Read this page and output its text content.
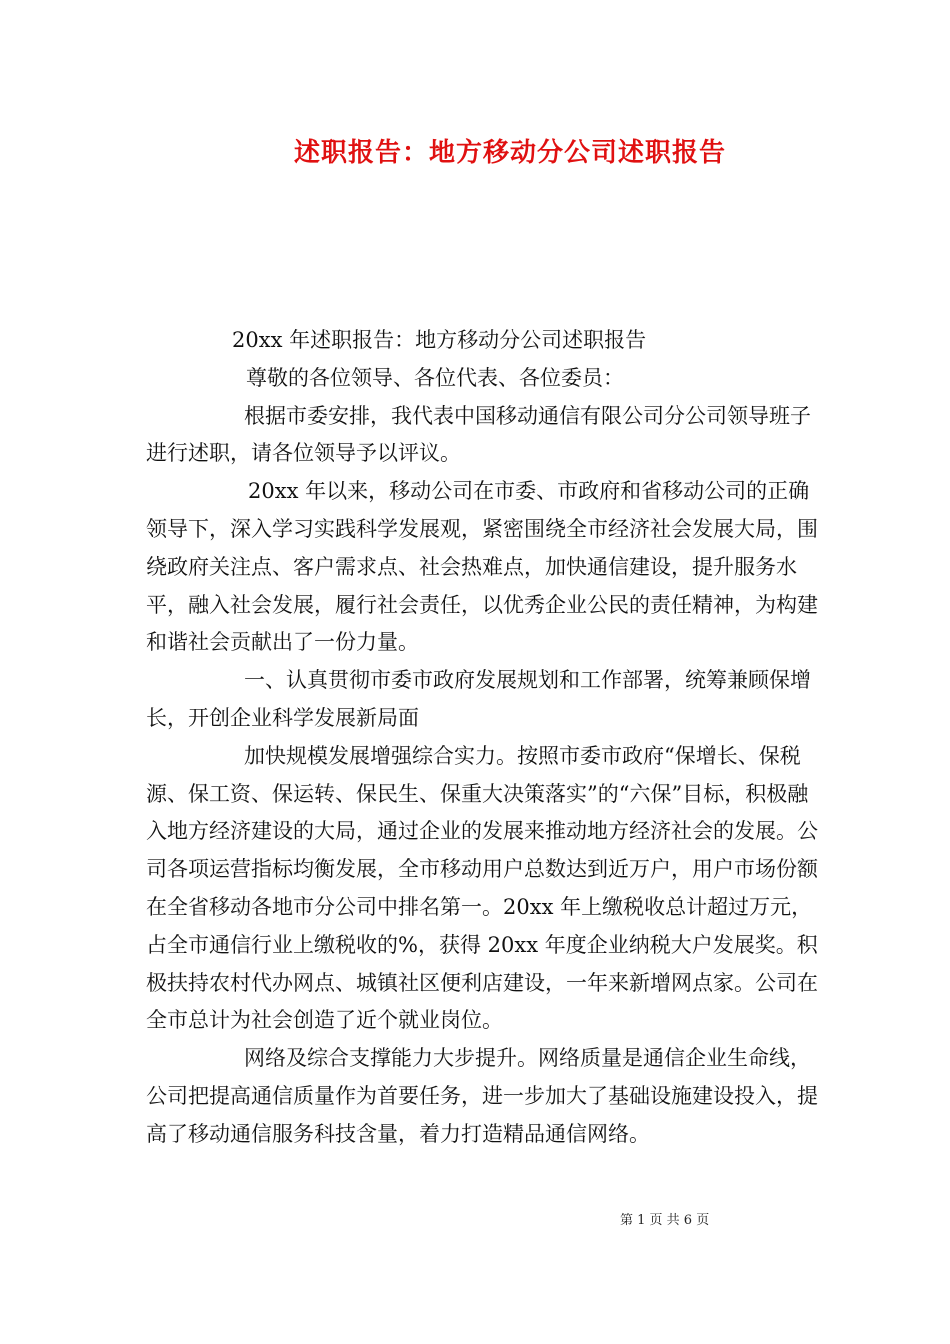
述职报告：地方移动分公司述职报告

20xx 年述职报告：地方移动分公司述职报告

尊敬的各位领导、各位代表、各位委员：

根据市委安排，我代表中国移动通信有限公司分公司领导班子进行述职，请各位领导予以评议。

20xx 年以来，移动公司在市委、市政府和省移动公司的正确领导下，深入学习实践科学发展观，紧密围绕全市经济社会发展大局，围绕政府关注点、客户需求点、社会热难点，加快通信建设，提升服务水平，融入社会发展，履行社会责任，以优秀企业公民的责任精神，为构建和谐社会贡献出了一份力量。

一、认真贯彻市委市政府发展规划和工作部署，统筹兼顾保增长，开创企业科学发展新局面

加快规模发展增强综合实力。按照市委市政府“保增长、保税源、保工资、保运转、保民生、保重大决策落实”的“六保”目标，积极融入地方经济建设的大局，通过企业的发展来推动地方经济社会的发展。公司各项运营指标均衡发展，全市移动用户总数达到近万户，用户市场份额在全省移动各地市分公司中排名第一。20xx 年上缴税收总计超过万元，占全市通信行业上缴税收的%，获得 20xx 年度企业纳税大户发展奖。积极扶持农村代办网点、城镇社区便利店建设，一年来新增网点家。公司在全市总计为社会创造了近个就业岗位。

网络及综合支撑能力大步提升。网络质量是通信企业生命线，公司把提高通信质量作为首要任务，进一步加大了基础设施建设投入，提高了移动通信服务科技含量，着力打造精品通信网络。

第 1 页 共 6 页
